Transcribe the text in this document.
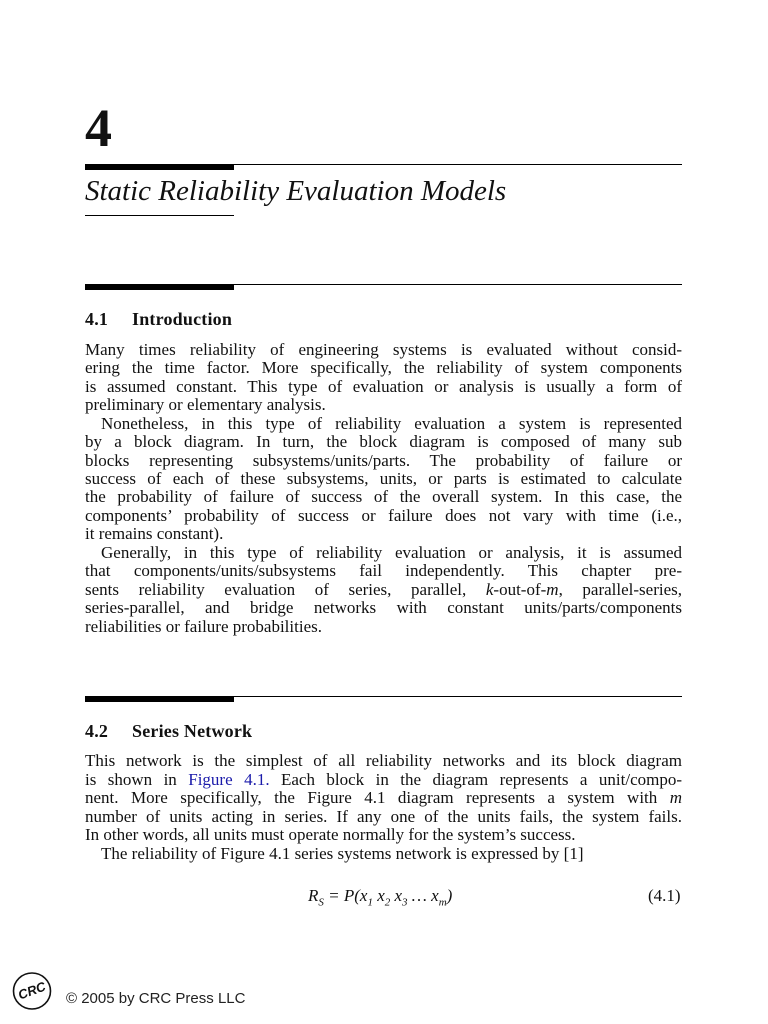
4
Static Reliability Evaluation Models
4.1 Introduction
Many times reliability of engineering systems is evaluated without consid-
ering the time factor. More specifically, the reliability of system components
is assumed constant. This type of evaluation or analysis is usually a form of
preliminary or elementary analysis.
Nonetheless, in this type of reliability evaluation a system is represented
by a block diagram. In turn, the block diagram is composed of many sub
blocks representing subsystems/units/parts. The probability of failure or
success of each of these subsystems, units, or parts is estimated to calculate
the probability of failure of success of the overall system. In this case, the
components’ probability of success or failure does not vary with time (i.e.,
it remains constant).
Generally, in this type of reliability evaluation or analysis, it is assumed
that components/units/subsystems fail independently. This chapter pre-
sents reliability evaluation of series, parallel, k-out-of-m, parallel-series,
series-parallel, and bridge networks with constant units/parts/components
reliabilities or failure probabilities.
4.2 Series Network
This network is the simplest of all reliability networks and its block diagram
is shown in Figure 4.1. Each block in the diagram represents a unit/compo-
nent. More specifically, the Figure 4.1 diagram represents a system with m
number of units acting in series. If any one of the units fails, the system fails.
In other words, all units must operate normally for the system’s success.
The reliability of Figure 4.1 series systems network is expressed by [1]
$R_S = P(x_1$ $x_2$ $x_3$ … $x_m$)	(4.1)
CRC © 2005 by CRC Press LLC
